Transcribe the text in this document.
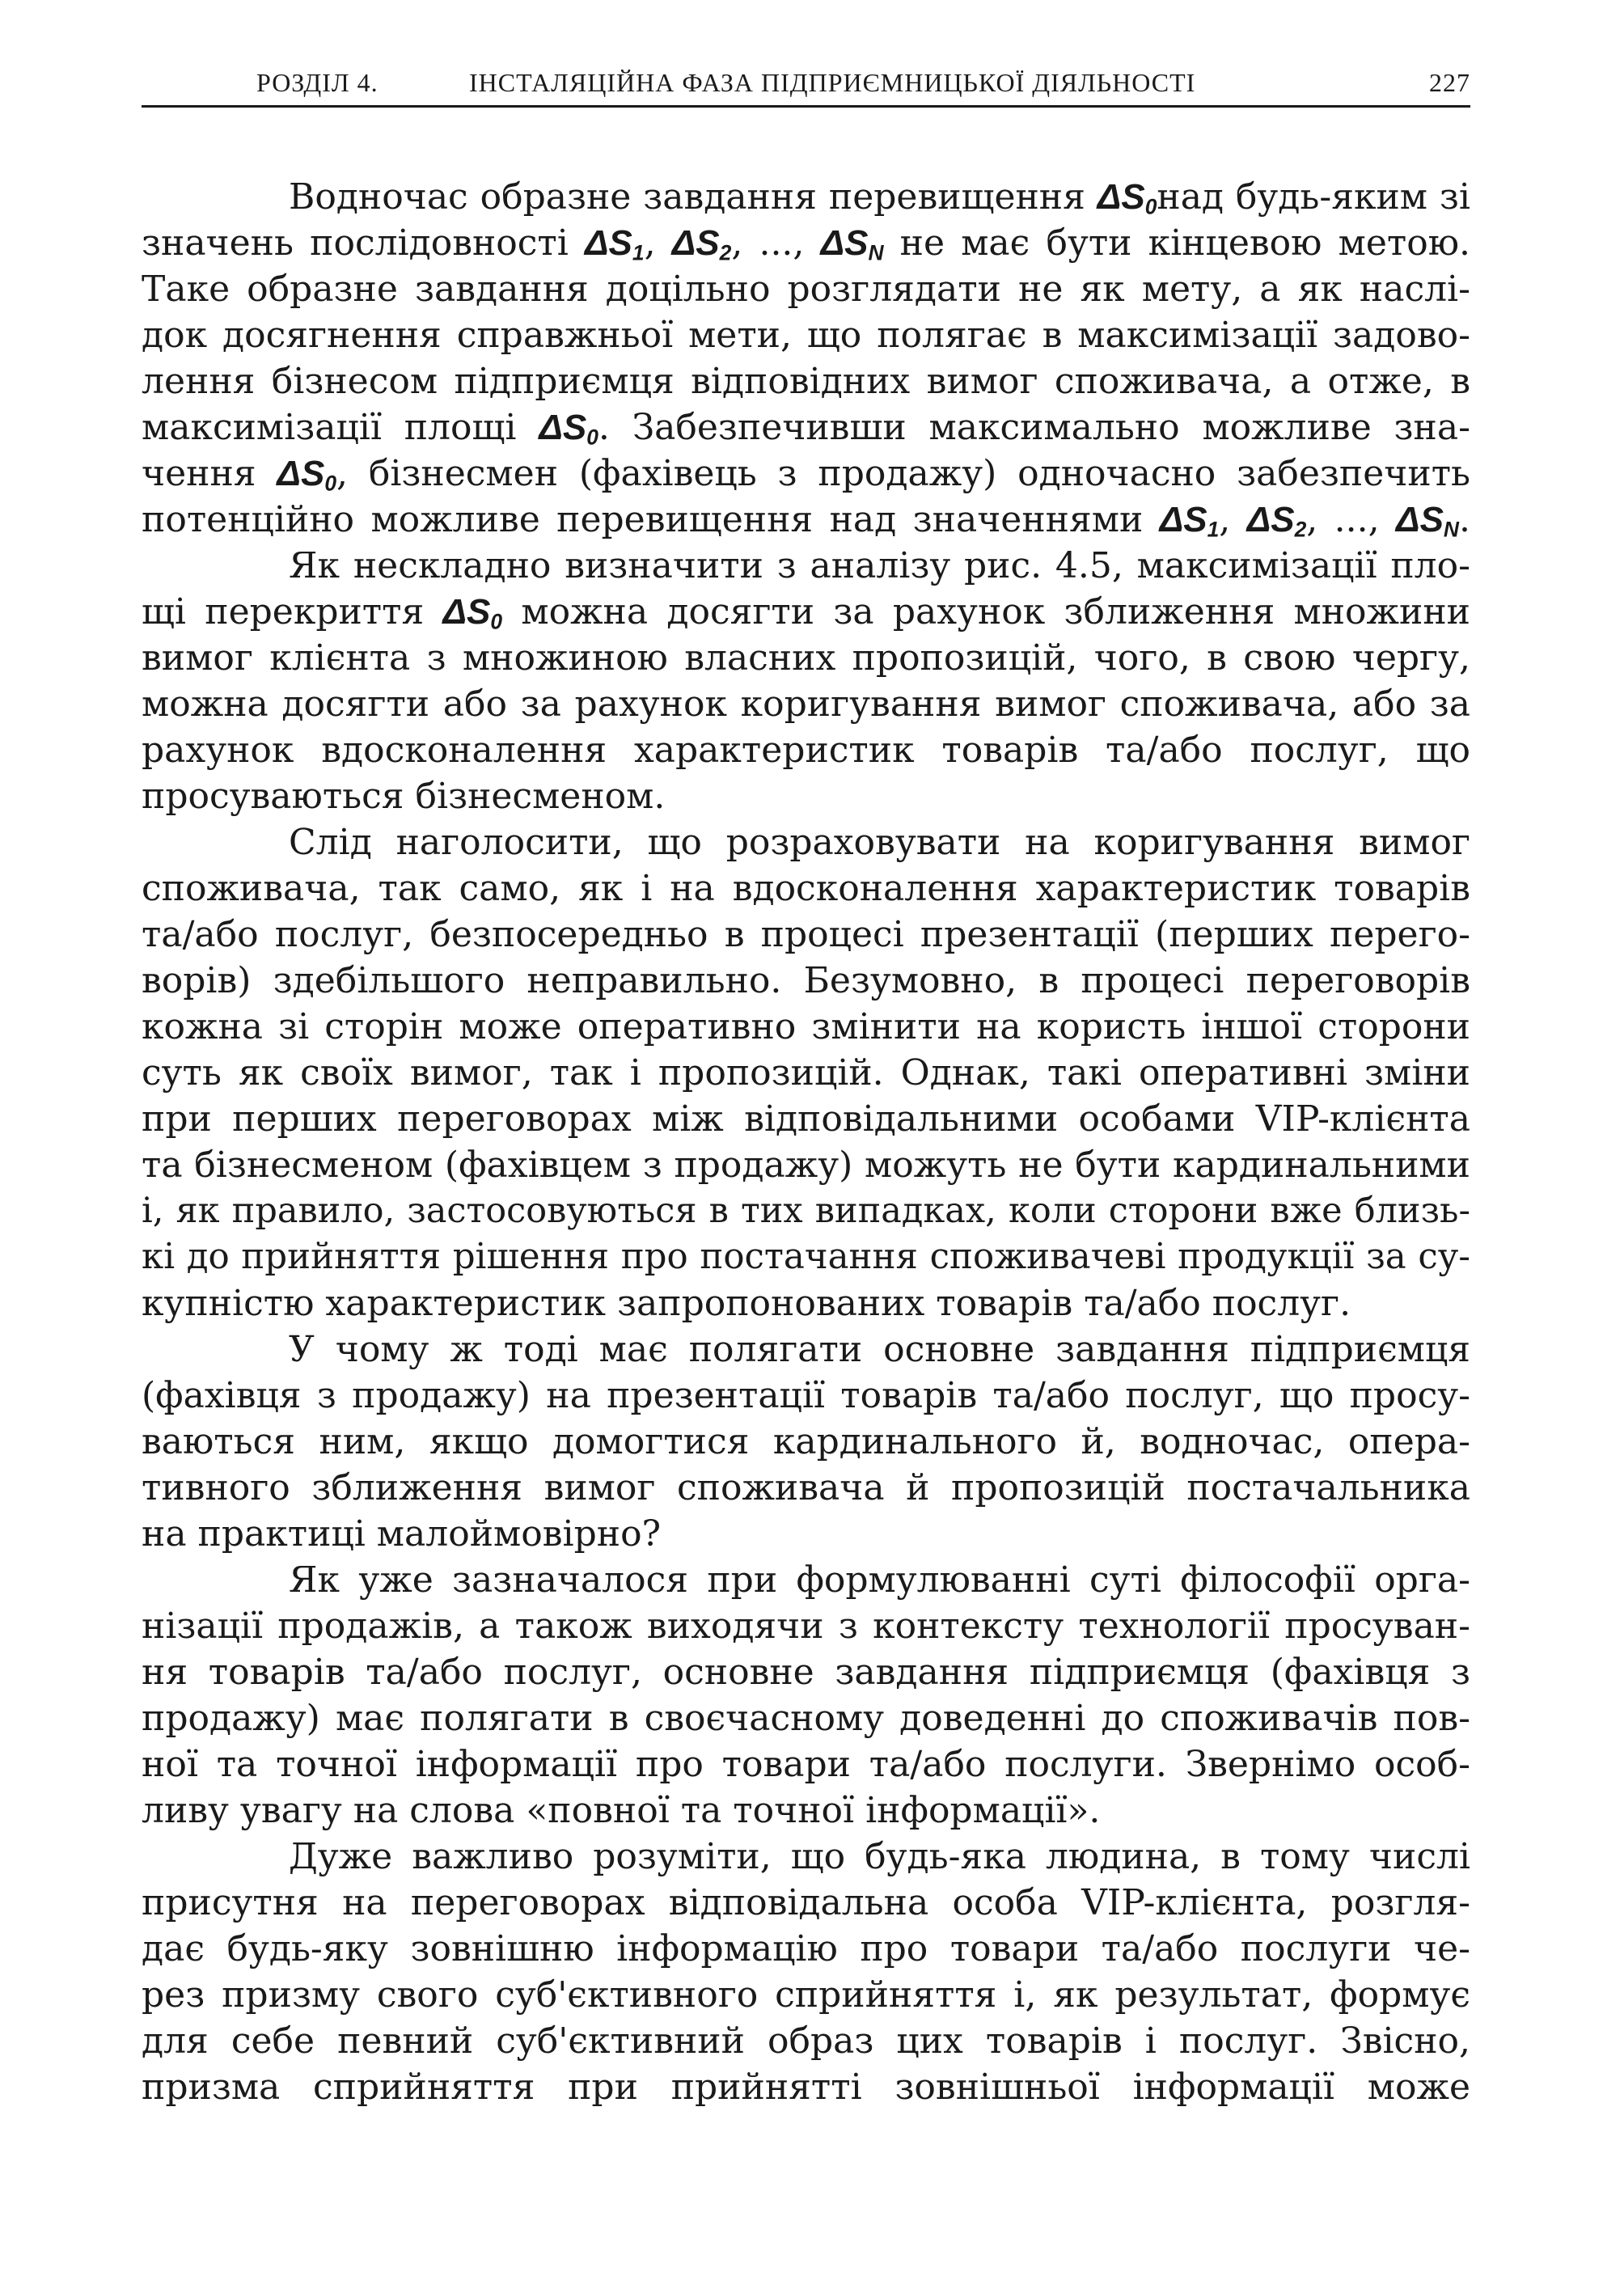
РОЗДІЛ 4.	ІНСТАЛЯЦІЙНА ФАЗА ПІДПРИЄМНИЦЬКОЇ ДІЯЛЬНОСТІ	227
Водночас образне завдання перевищення $\Delta S_0над$ будь-яким зі
значень послідовності $\Delta S_1$, $\Delta S_2$, ..., $\Delta S_N$ не має бути кінцевою метою.
Таке образне завдання доцільно розглядати не як мету, а як наслі-
док досягнення справжньої мети, що полягає в максимізації задово-
лення бізнесом підприємця відповідних вимог споживача, а отже, в
максимізації площі $\Delta S_0$. Забезпечивши максимально можливе зна-
чення $\Delta S_0$, бізнесмен (фахівець з продажу) одночасно забезпечить
потенційно можливе перевищення над значеннями $\Delta S_1$, $\Delta S_2$, ..., $\Delta S_N$.
Як нескладно визначити з аналізу рис. 4.5, максимізації пло-
щі перекриття $\Delta S_0$ можна досягти за рахунок зближення множини
вимог клієнта з множиною власних пропозицій, чого, в свою чергу,
можна досягти або за рахунок коригування вимог споживача, або за
рахунок вдосконалення характеристик товарів та/або послуг, що
просуваються бізнесменом.
Слід наголосити, що розраховувати на коригування вимог
споживача, так само, як і на вдосконалення характеристик товарів
та/або послуг, безпосередньо в процесі презентації (перших перего-
ворів) здебільшого неправильно. Безумовно, в процесі переговорів
кожна зі сторін може оперативно змінити на користь іншої сторони
суть як своїх вимог, так і пропозицій. Однак, такі оперативні зміни
при перших переговорах між відповідальними особами VIP-клієнта
та бізнесменом (фахівцем з продажу) можуть не бути кардинальними
і, як правило, застосовуються в тих випадках, коли сторони вже близь-
кі до прийняття рішення про постачання споживачеві продукції за су-
купністю характеристик запропонованих товарів та/або послуг.
У чому ж тоді має полягати основне завдання підприємця
(фахівця з продажу) на презентації товарів та/або послуг, що просу-
ваються ним, якщо домогтися кардинального й, водночас, опера-
тивного зближення вимог споживача й пропозицій постачальника
на практиці малоймовірно?
Як уже зазначалося при формулюванні суті філософії орга-
нізації продажів, а також виходячи з контексту технології просуван-
ня товарів та/або послуг, основне завдання підприємця (фахівця з
продажу) має полягати в своєчасному доведенні до споживачів пов-
ної та точної інформації про товари та/або послуги. Звернімо особ-
ливу увагу на слова «повної та точної інформації».
Дуже важливо розуміти, що будь-яка людина, в тому числі
присутня на переговорах відповідальна особа VIP-клієнта, розгля-
дає будь-яку зовнішню інформацію про товари та/або послуги че-
рез призму свого суб'єктивного сприйняття і, як результат, формує
для себе певний суб'єктивний образ цих товарів і послуг. Звісно,
призма сприйняття при прийнятті зовнішньої інформації може
